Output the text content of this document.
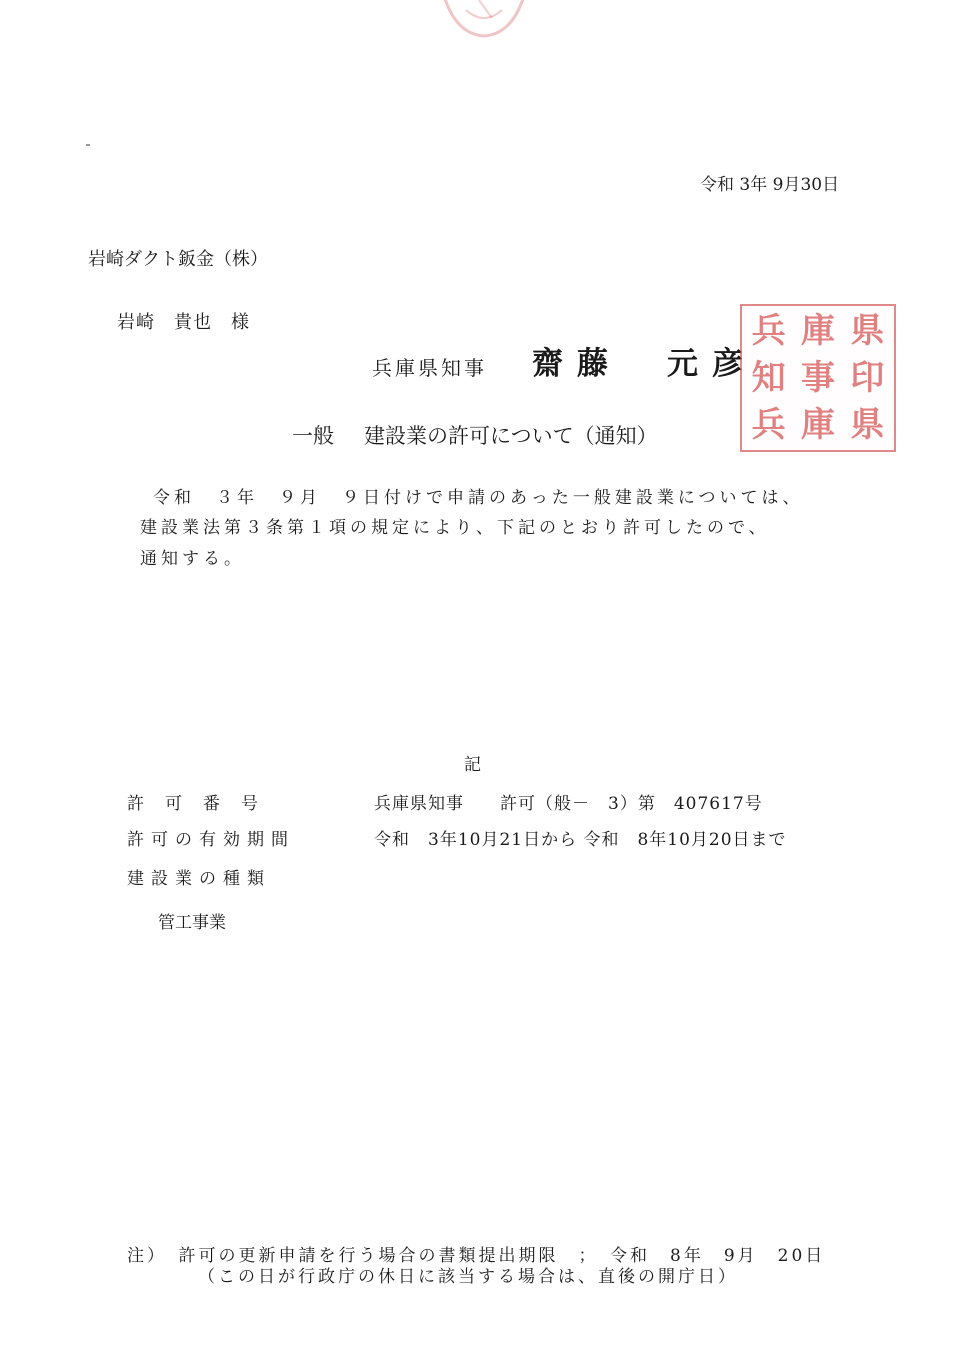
令和 3年 9月30日
岩崎ダクト鈑金（株）
岩崎　貴也　様
兵庫県知事 齋藤　元彦
兵 庫 県
知 事 印
兵 庫 県
一般 建設業の許可について（通知）
令和　３年　９月　９日付けで申請のあった一般建設業については、
建設業法第３条第１項の規定により、下記のとおり許可したので、
通知する。
記
許可番号	兵庫県知事　　許可（般－　3）第　407617号
許可の有効期間	令和　3年10月21日から 令和　8年10月20日まで
建設業の種類
管工事業
注）　許可の更新申請を行う場合の書類提出期限　；　令和　8年　9月　20日
（この日が行政庁の休日に該当する場合は、直後の開庁日）
